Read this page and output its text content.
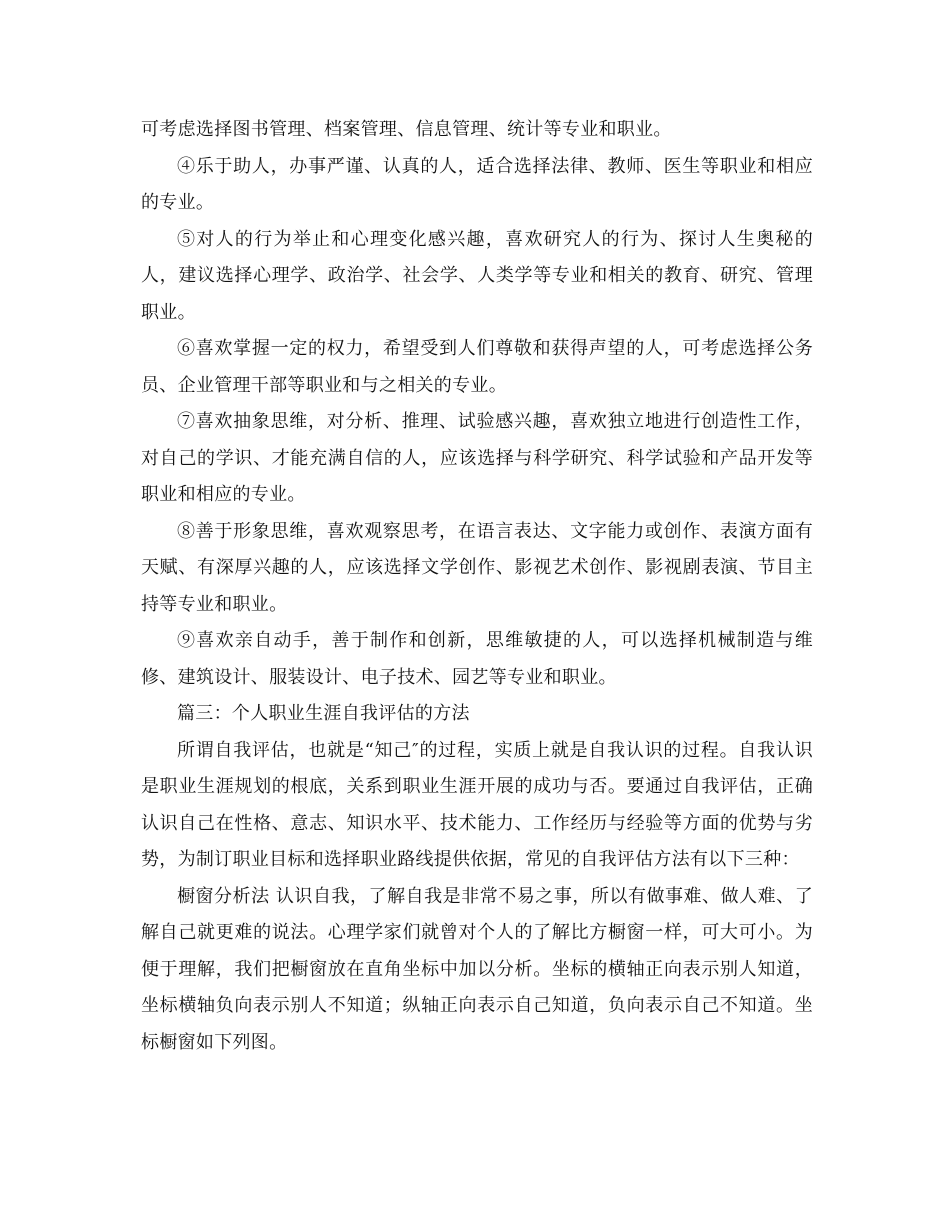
可考虑选择图书管理、档案管理、信息管理、统计等专业和职业。

④乐于助人，办事严谨、认真的人，适合选择法律、教师、医生等职业和相应的专业。

⑤对人的行为举止和心理变化感兴趣，喜欢研究人的行为、探讨人生奥秘的人，建议选择心理学、政治学、社会学、人类学等专业和相关的教育、研究、管理职业。

⑥喜欢掌握一定的权力，希望受到人们尊敬和获得声望的人，可考虑选择公务员、企业管理干部等职业和与之相关的专业。

⑦喜欢抽象思维，对分析、推理、试验感兴趣，喜欢独立地进行创造性工作，对自己的学识、才能充满自信的人，应该选择与科学研究、科学试验和产品开发等职业和相应的专业。

⑧善于形象思维，喜欢观察思考，在语言表达、文字能力或创作、表演方面有天赋、有深厚兴趣的人，应该选择文学创作、影视艺术创作、影视剧表演、节目主持等专业和职业。

⑨喜欢亲自动手，善于制作和创新，思维敏捷的人，可以选择机械制造与维修、建筑设计、服装设计、电子技术、园艺等专业和职业。

篇三：个人职业生涯自我评估的方法

所谓自我评估，也就是“知己″的过程，实质上就是自我认识的过程。自我认识是职业生涯规划的根底，关系到职业生涯开展的成功与否。要通过自我评估，正确认识自己在性格、意志、知识水平、技术能力、工作经历与经验等方面的优势与劣势，为制订职业目标和选择职业路线提供依据，常见的自我评估方法有以下三种：

橱窗分析法 认识自我，了解自我是非常不易之事，所以有做事难、做人难、了解自己就更难的说法。心理学家们就曾对个人的了解比方橱窗一样，可大可小。为便于理解，我们把橱窗放在直角坐标中加以分析。坐标的横轴正向表示别人知道，坐标横轴负向表示别人不知道；纵轴正向表示自己知道，负向表示自己不知道。坐标橱窗如下列图。
